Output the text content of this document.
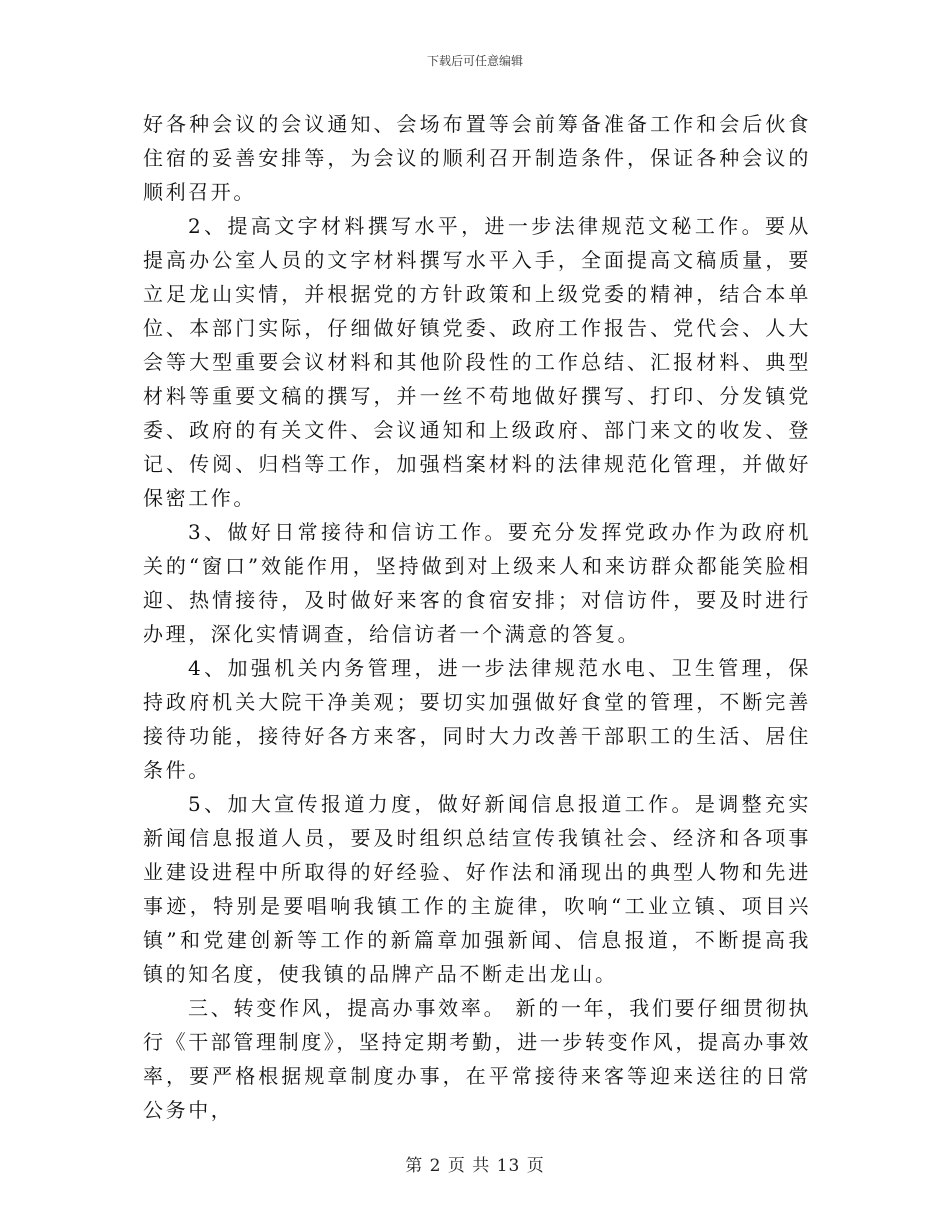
下载后可任意编辑

好各种会议的会议通知、会场布置等会前筹备准备工作和会后伙食住宿的妥善安排等，为会议的顺利召开制造条件，保证各种会议的顺利召开。

2、提高文字材料撰写水平，进一步法律规范文秘工作。要从提高办公室人员的文字材料撰写水平入手，全面提高文稿质量，要立足龙山实情，并根据党的方针政策和上级党委的精神，结合本单位、本部门实际，仔细做好镇党委、政府工作报告、党代会、人大会等大型重要会议材料和其他阶段性的工作总结、汇报材料、典型材料等重要文稿的撰写，并一丝不苟地做好撰写、打印、分发镇党委、政府的有关文件、会议通知和上级政府、部门来文的收发、登记、传阅、归档等工作，加强档案材料的法律规范化管理，并做好保密工作。

3、做好日常接待和信访工作。要充分发挥党政办作为政府机关的“窗口”效能作用，坚持做到对上级来人和来访群众都能笑脸相迎、热情接待，及时做好来客的食宿安排；对信访件，要及时进行办理，深化实情调查，给信访者一个满意的答复。

4、加强机关内务管理，进一步法律规范水电、卫生管理，保持政府机关大院干净美观；要切实加强做好食堂的管理，不断完善接待功能，接待好各方来客，同时大力改善干部职工的生活、居住条件。

5、加大宣传报道力度，做好新闻信息报道工作。是调整充实新闻信息报道人员，要及时组织总结宣传我镇社会、经济和各项事业建设进程中所取得的好经验、好作法和涌现出的典型人物和先进事迹，特别是要唱响我镇工作的主旋律，吹响“工业立镇、项目兴镇”和党建创新等工作的新篇章加强新闻、信息报道，不断提高我镇的知名度，使我镇的品牌产品不断走出龙山。

三、转变作风，提高办事效率。 新的一年，我们要仔细贯彻执行《干部管理制度》，坚持定期考勤，进一步转变作风，提高办事效率，要严格根据规章制度办事，在平常接待来客等迎来送往的日常公务中，

第 2 页 共 13 页
